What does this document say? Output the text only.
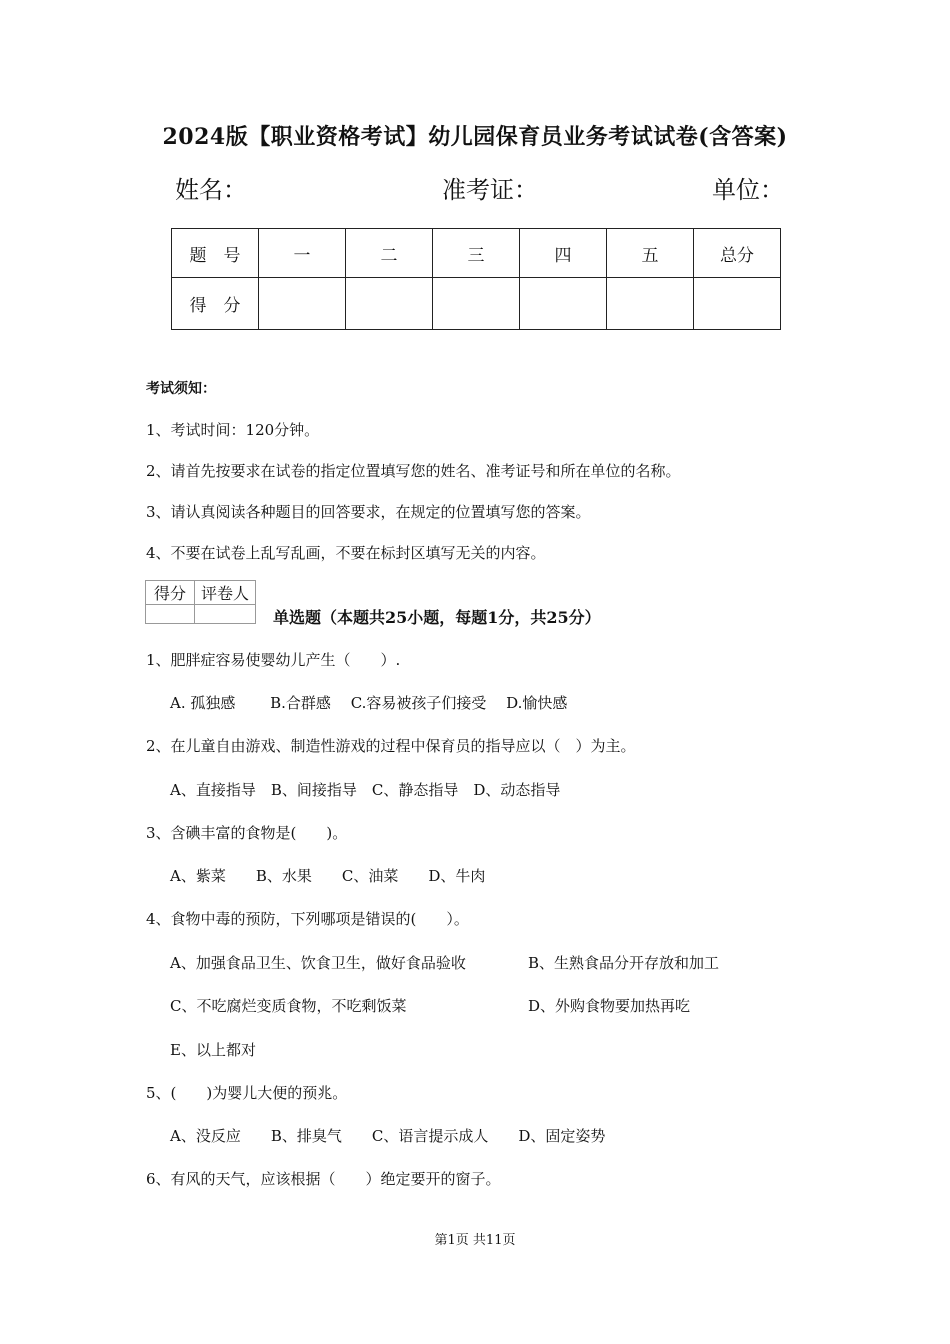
2024版【职业资格考试】幼儿园保育员业务考试试卷(含答案)
姓名：	准考证：	单位：
题　号	一	二	三	四	五	总分
得　分						
考试须知：
1、考试时间：120分钟。
2、请首先按要求在试卷的指定位置填写您的姓名、准考证号和所在单位的名称。
3、请认真阅读各种题目的回答要求，在规定的位置填写您的答案。
4、不要在试卷上乱写乱画，不要在标封区填写无关的内容。
得分	评卷人

单选题（本题共25小题，每题1分，共25分）
1、肥胖症容易使婴幼儿产生（　　）.
A. 孤独感　　 B.合群感　 C.容易被孩子们接受　 D.愉快感
2、在儿童自由游戏、制造性游戏的过程中保育员的指导应以（　）为主。
A、直接指导　B、间接指导　C、静态指导　D、动态指导
3、含碘丰富的食物是(　　)。
A、紫菜　　B、水果　　C、油菜　　D、牛肉
4、食物中毒的预防，下列哪项是错误的(　　）。
A、加强食品卫生、饮食卫生，做好食品验收	B、生熟食品分开存放和加工
C、不吃腐烂变质食物，不吃剩饭菜	D、外购食物要加热再吃
E、以上都对
5、(　　)为婴儿大便的预兆。
A、没反应　　B、排臭气　　C、语言提示成人　　D、固定姿势
6、有风的天气，应该根据（　　）绝定要开的窗子。
第1页 共11页
